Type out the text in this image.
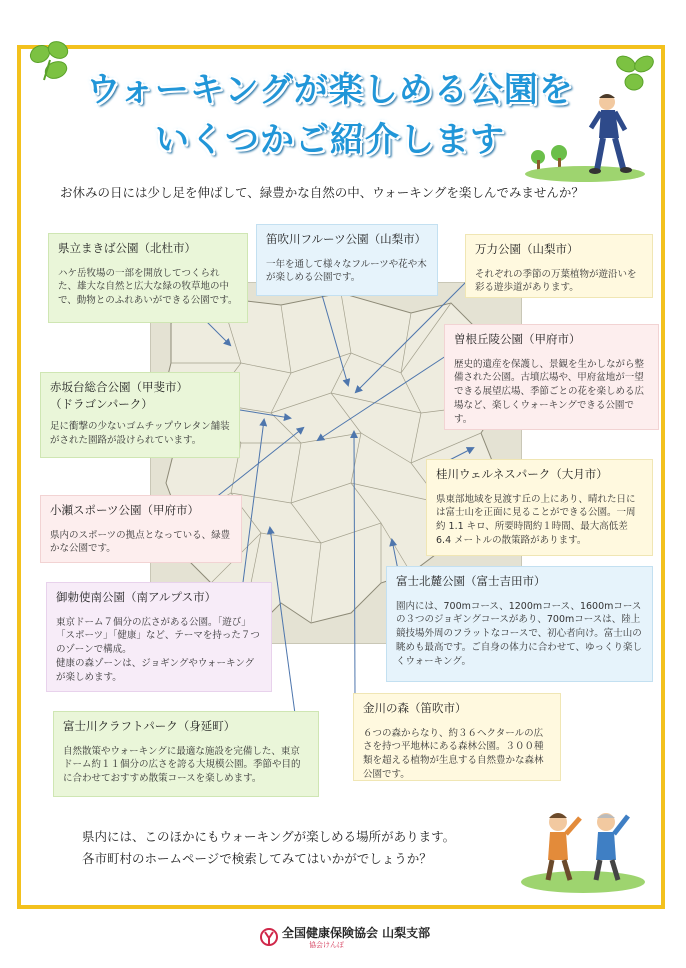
ウォーキングが楽しめる公園を
いくつかご紹介します
お休みの日には少し足を伸ばして、緑豊かな自然の中、ウォーキングを楽しんでみませんか？
県立まきば公園（北杜市）
ハケ岳牧場の一部を開放してつくられた、雄大な自然と広大な緑の牧草地の中で、動物とのふれあいができる公園です。
笛吹川フルーツ公園（山梨市）
一年を通して様々なフルーツや花や木が楽しめる公園です。
万力公園（山梨市）
それぞれの季節の万葉植物が遊沿いを彩る遊歩道があります。
曽根丘陵公園（甲府市）
歴史的遺産を保護し、景観を生かしながら整備された公園。古墳広場や、甲府盆地が一望できる展望広場、季節ごとの花を楽しめる広場など、楽しくウォーキングできる公園です。
赤坂台総合公園（甲斐市）
（ドラゴンパーク）
足に衝撃の少ないゴムチップウレタン舗装がされた園路が設けられています。
桂川ウェルネスパーク（大月市）
県東部地域を見渡す丘の上にあり、晴れた日には富士山を正面に見ることができる公園。一周約 1.1 キロ、所要時間約１時間、最大高低差 6.4 メートルの散策路があります。
小瀬スポーツ公園（甲府市）
県内のスポーツの拠点となっている、緑豊かな公園です。
富士北麓公園（富士吉田市）
園内には、700mコース、1200mコース、1600mコースの３つのジョギングコースがあり、700mコースは、陸上競技場外周のフラットなコースで、初心者向け。富士山の眺めも最高です。ご自身の体力に合わせて、ゆっくり楽しくウォーキング。
御勅使南公園（南アルプス市）
東京ドーム７個分の広さがある公園。「遊び」「スポーツ」「健康」など、テーマを持った７つのゾーンで構成。
健康の森ゾーンは、ジョギングやウォーキングが楽しめます。
金川の森（笛吹市）
６つの森からなり、約３６ヘクタールの広さを持つ平地林にある森林公園。３００種類を超える植物が生息する自然豊かな森林公園です。
富士川クラフトパーク（身延町）
自然散策やウォーキングに最適な施設を完備した、東京ドーム約１１個分の広さを誇る大規模公園。季節や目的に合わせておすすめ散策コースを楽しめます。
県内には、このほかにもウォーキングが楽しめる場所があります。
各市町村のホームページで検索してみてはいかがでしょうか？
全国健康保険協会 山梨支部
協会けんぽ
